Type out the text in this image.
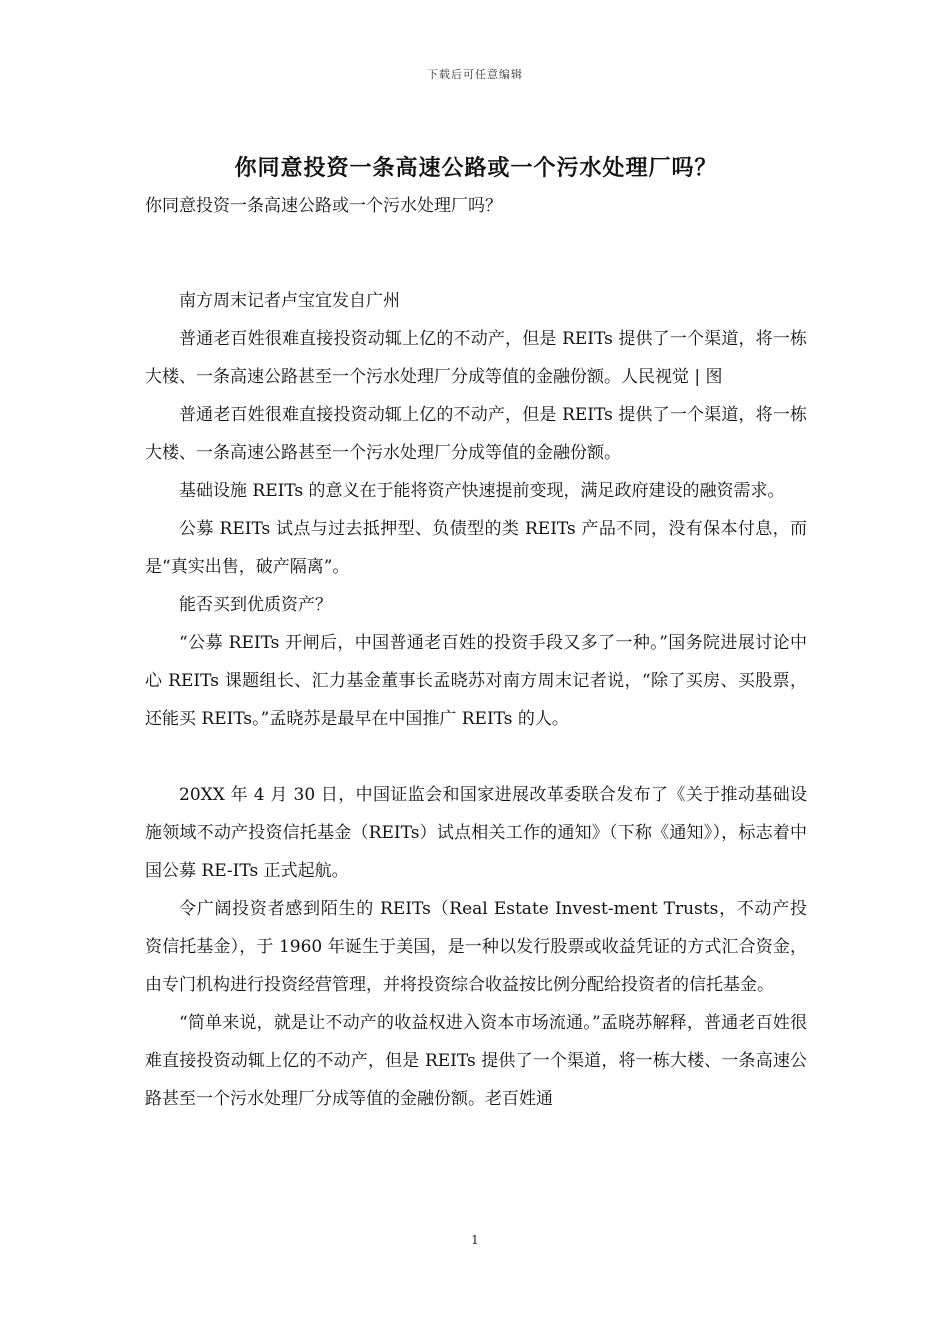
下载后可任意编辑
你同意投资一条高速公路或一个污水处理厂吗？

你同意投资一条高速公路或一个污水处理厂吗？

南方周末记者卢宝宜发自广州

普通老百姓很难直接投资动辄上亿的不动产，但是 REITs 提供了一个渠道，将一栋大楼、一条高速公路甚至一个污水处理厂分成等值的金融份额。人民视觉 | 图

普通老百姓很难直接投资动辄上亿的不动产，但是 REITs 提供了一个渠道，将一栋大楼、一条高速公路甚至一个污水处理厂分成等值的金融份额。

基础设施 REITs 的意义在于能将资产快速提前变现，满足政府建设的融资需求。

公募 REITs 试点与过去抵押型、负债型的类 REITs 产品不同，没有保本付息，而是“真实出售，破产隔离”。

能否买到优质资产？

“公募 REITs 开闸后，中国普通老百姓的投资手段又多了一种。”国务院进展讨论中心 REITs 课题组长、汇力基金董事长孟晓苏对南方周末记者说，“除了买房、买股票，还能买 REITs。”孟晓苏是最早在中国推广 REITs 的人。

20XX 年 4 月 30 日，中国证监会和国家进展改革委联合发布了《关于推动基础设施领域不动产投资信托基金（REITs）试点相关工作的通知》（下称《通知》），标志着中国公募 RE-ITs 正式起航。

令广阔投资者感到陌生的 REITs（Real Estate Invest-ment Trusts，不动产投资信托基金），于 1960 年诞生于美国，是一种以发行股票或收益凭证的方式汇合资金，由专门机构进行投资经营管理，并将投资综合收益按比例分配给投资者的信托基金。

“简单来说，就是让不动产的收益权进入资本市场流通。”孟晓苏解释，普通老百姓很难直接投资动辄上亿的不动产，但是 REITs 提供了一个渠道，将一栋大楼、一条高速公路甚至一个污水处理厂分成等值的金融份额。老百姓通

1
